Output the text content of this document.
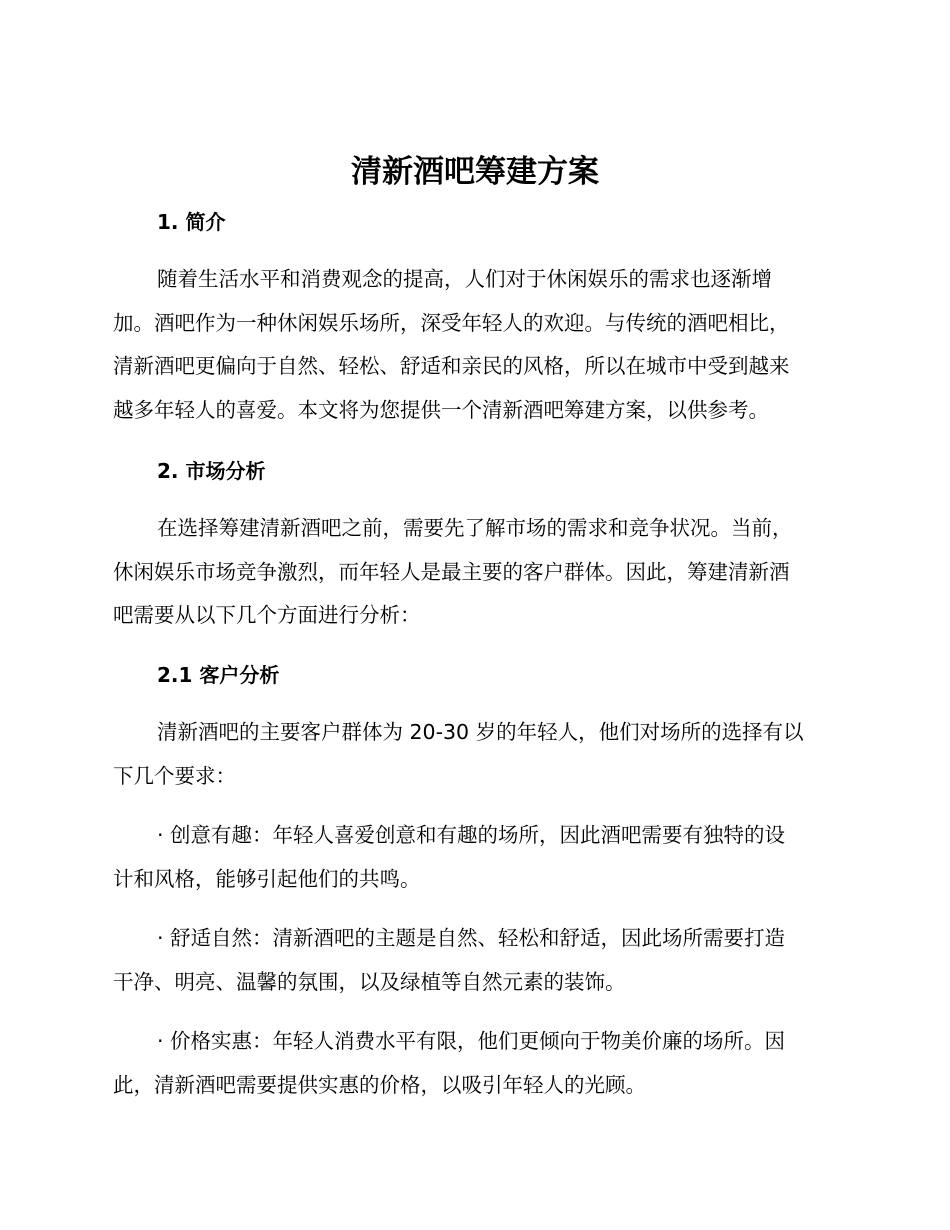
清新酒吧筹建方案
1. 简介
随着生活水平和消费观念的提高，人们对于休闲娱乐的需求也逐渐增
加。酒吧作为一种休闲娱乐场所，深受年轻人的欢迎。与传统的酒吧相比，
清新酒吧更偏向于自然、轻松、舒适和亲民的风格，所以在城市中受到越来
越多年轻人的喜爱。本文将为您提供一个清新酒吧筹建方案，以供参考。
2. 市场分析
在选择筹建清新酒吧之前，需要先了解市场的需求和竞争状况。当前，
休闲娱乐市场竞争激烈，而年轻人是最主要的客户群体。因此，筹建清新酒
吧需要从以下几个方面进行分析：
2.1 客户分析
清新酒吧的主要客户群体为 20-30 岁的年轻人，他们对场所的选择有以
下几个要求：
· 创意有趣：年轻人喜爱创意和有趣的场所，因此酒吧需要有独特的设
计和风格，能够引起他们的共鸣。
· 舒适自然：清新酒吧的主题是自然、轻松和舒适，因此场所需要打造
干净、明亮、温馨的氛围，以及绿植等自然元素的装饰。
· 价格实惠：年轻人消费水平有限，他们更倾向于物美价廉的场所。因
此，清新酒吧需要提供实惠的价格，以吸引年轻人的光顾。
